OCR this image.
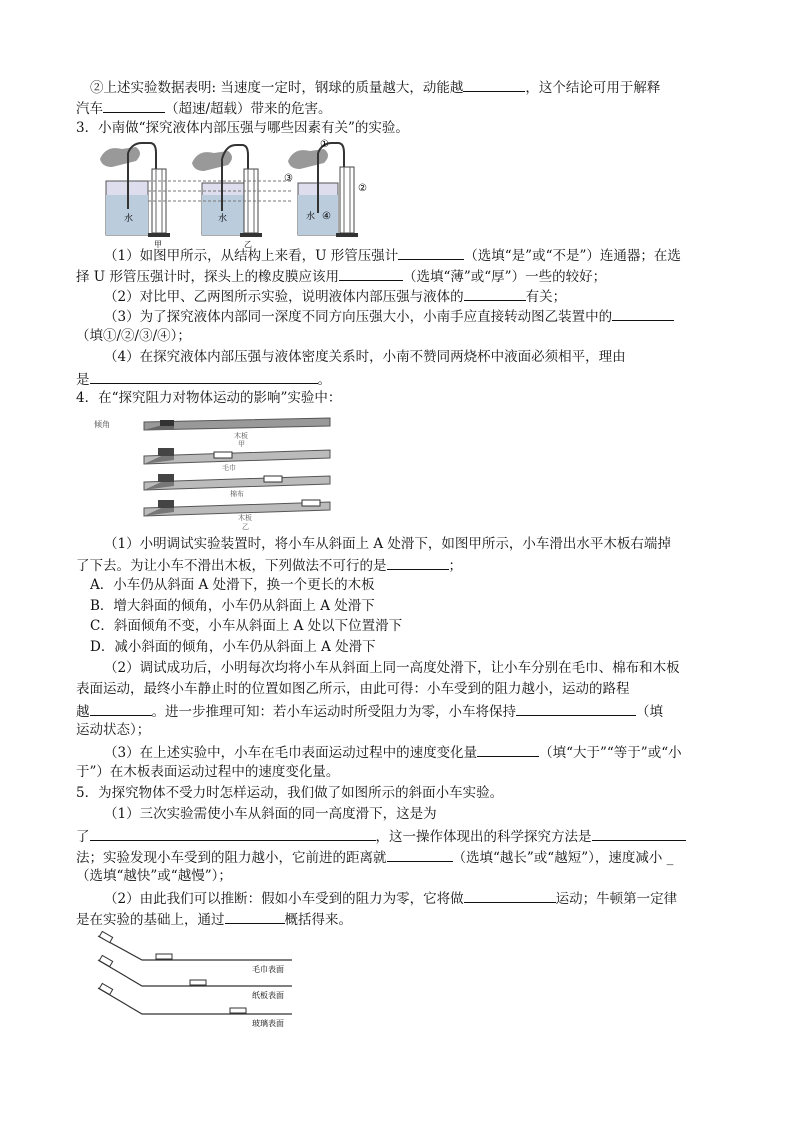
②上述实验数据表明: 当速度一定时，钢球的质量越大，动能越	，这个结论可用于解释
汽车	（超速/超载）带来的危害。
3．小南做“探究液体内部压强与哪些因素有关”的实验。
水
甲
水
乙
水
①
②
③
④
（1）如图甲所示，从结构上来看，U 形管压强计	（选填“是”或“不是”）连通器；在选
择 U 形管压强计时，探头上的橡皮膜应该用	（选填“薄”或“厚”）一些的较好；
（2）对比甲、乙两图所示实验，说明液体内部压强与液体的	有关；
（3）为了探究液体内部同一深度不同方向压强大小，小南手应直接转动图乙装置中的
（填①/②/③/④）；
（4）在探究液体内部压强与液体密度关系时，小南不赞同两烧杯中液面必须相平，理由
是	。
4．在“探究阻力对物体运动的影响”实验中：
倾角
木板
甲
毛巾
棉布
木板
乙
（1）小明调试实验装置时，将小车从斜面上 A 处滑下，如图甲所示，小车滑出水平木板右端掉
了下去。为让小车不滑出木板，下列做法不可行的是	；
A．小车仍从斜面 A 处滑下，换一个更长的木板
B．增大斜面的倾角，小车仍从斜面上 A 处滑下
C．斜面倾角不变，小车从斜面上 A 处以下位置滑下
D．减小斜面的倾角，小车仍从斜面上 A 处滑下
（2）调试成功后，小明每次均将小车从斜面上同一高度处滑下，让小车分别在毛巾、棉布和木板
表面运动，最终小车静止时的位置如图乙所示，由此可得：小车受到的阻力越小，运动的路程
越	。进一步推理可知：若小车运动时所受阻力为零，小车将保持	（填
运动状态）；
（3）在上述实验中，小车在毛巾表面运动过程中的速度变化量	（填“大于”“等于”或“小
于”）在木板表面运动过程中的速度变化量。
5．为探究物体不受力时怎样运动，我们做了如图所示的斜面小车实验。
（1）三次实验需使小车从斜面的同一高度滑下，这是为
了	，这一操作体现出的科学探究方法是
法；实验发现小车受到的阻力越小，它前进的距离就	（选填“越长”或“越短”），速度减小 _
（选填“越快”或“越慢”）；
（2）由此我们可以推断：假如小车受到的阻力为零，它将做	运动；牛顿第一定律
是在实验的基础上，通过	概括得来。
毛巾表面
纸板表面
玻璃表面
